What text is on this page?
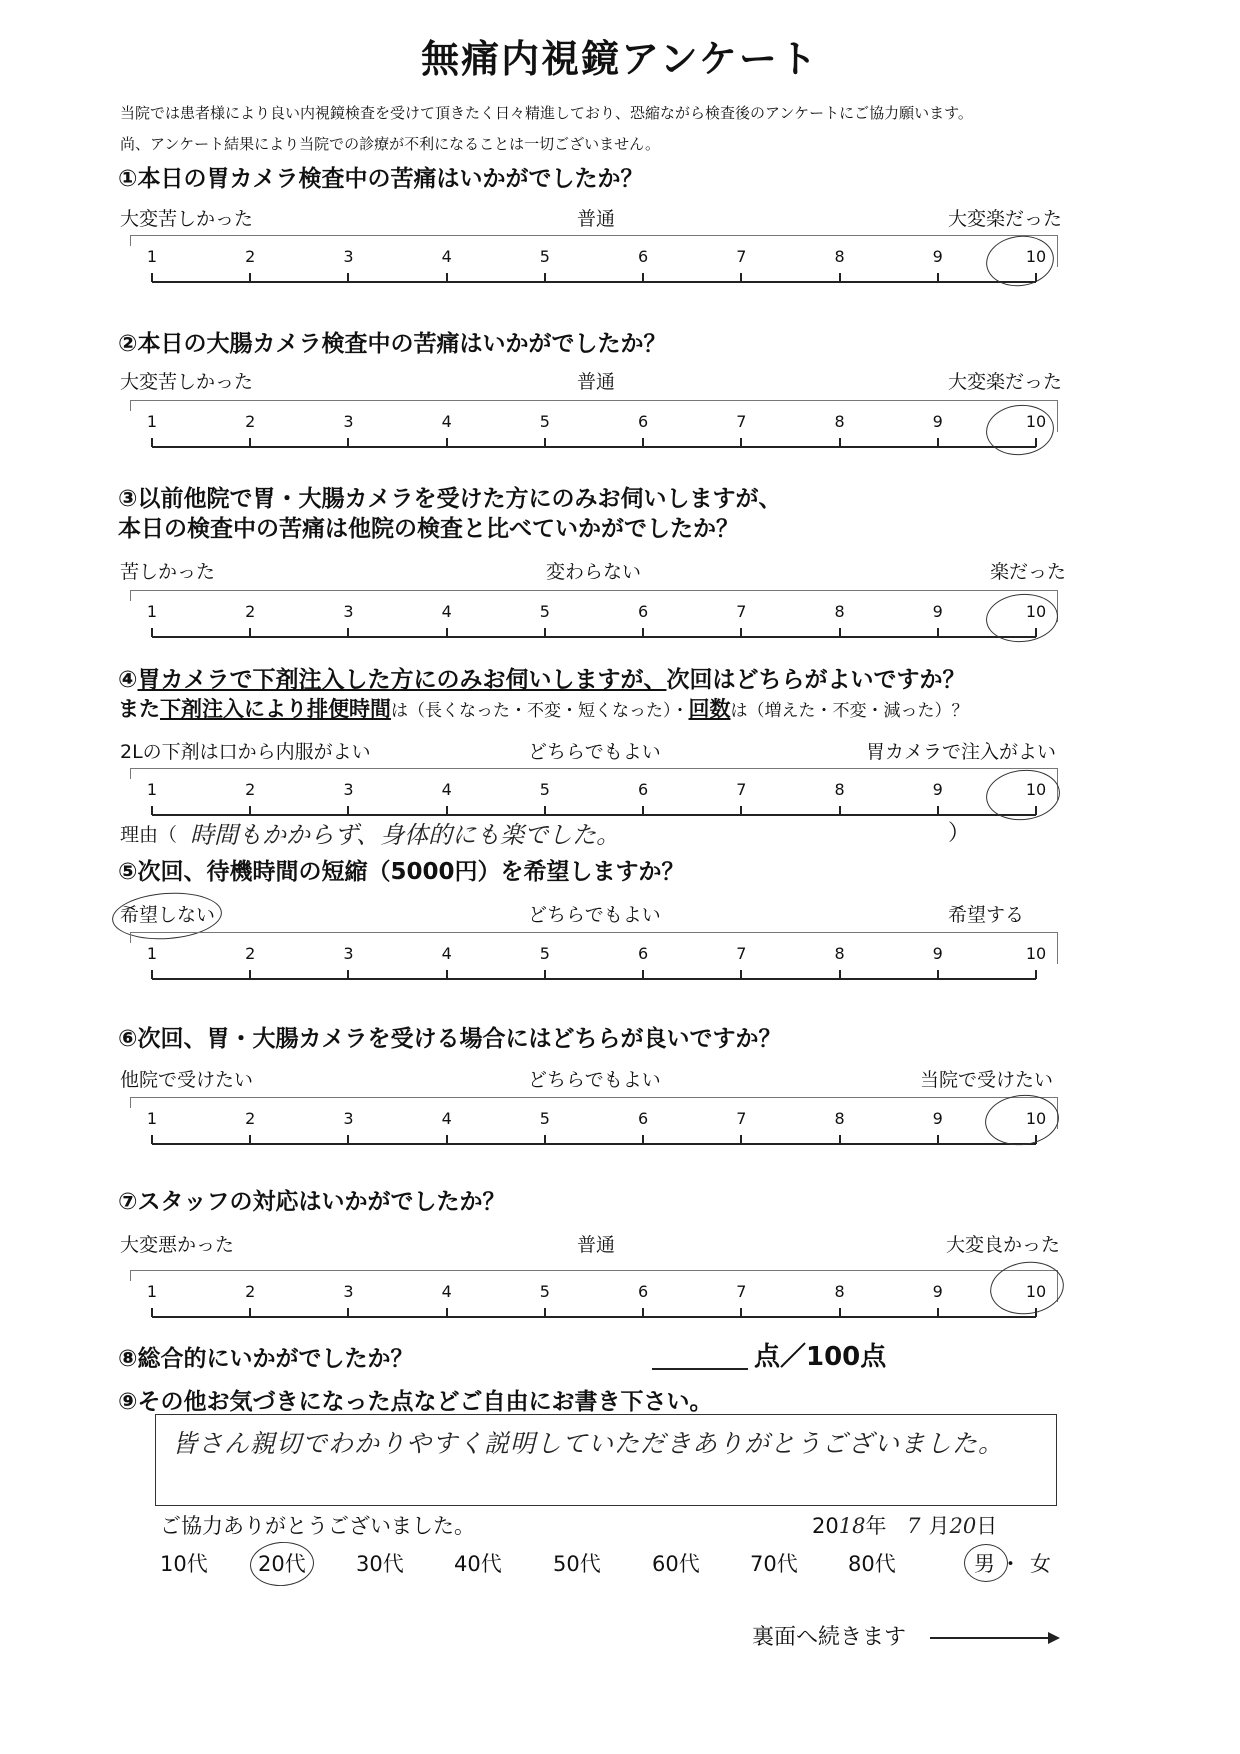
無痛内視鏡アンケート
当院では患者様により良い内視鏡検査を受けて頂きたく日々精進しており、恐縮ながら検査後のアンケートにご協力願います。
尚、アンケート結果により当院での診療が不利になることは一切ございません。
①本日の胃カメラ検査中の苦痛はいかがでしたか？
大変苦しかった	普通	大変楽だった
1	2	3	4	5	6	7	8	9	10
②本日の大腸カメラ検査中の苦痛はいかがでしたか？
大変苦しかった	普通	大変楽だった
1	2	3	4	5	6	7	8	9	10
③以前他院で胃・大腸カメラを受けた方にのみお伺いしますが、
本日の検査中の苦痛は他院の検査と比べていかがでしたか？
苦しかった	変わらない	楽だった
1	2	3	4	5	6	7	8	9	10
④胃カメラで下剤注入した方にのみお伺いしますが、次回はどちらがよいですか？
また下剤注入により排便時間は（長くなった・不変・短くなった）・回数は（増えた・不変・減った）？
2Lの下剤は口から内服がよい	どちらでもよい	胃カメラで注入がよい
1	2	3	4	5	6	7	8	9	10
理由（ 時間もかからず、身体的にも楽でした。	）
⑤次回、待機時間の短縮（5000円）を希望しますか？
希望しない	どちらでもよい	希望する
1	2	3	4	5	6	7	8	9	10
⑥次回、胃・大腸カメラを受ける場合にはどちらが良いですか？
他院で受けたい	どちらでもよい	当院で受けたい
1	2	3	4	5	6	7	8	9	10
⑦スタッフの対応はいかがでしたか？
大変悪かった	普通	大変良かった
1	2	3	4	5	6	7	8	9	10
⑧総合的にいかがでしたか？	点／100点
⑨その他お気づきになった点などご自由にお書き下さい。
皆さん親切でわかりやすく説明していただきありがとうございました。
ご協力ありがとうございました。	2018年 7 月20日
10代 20代 30代 40代 50代 60代 70代 80代	男 ・ 女
裏面へ続きます
